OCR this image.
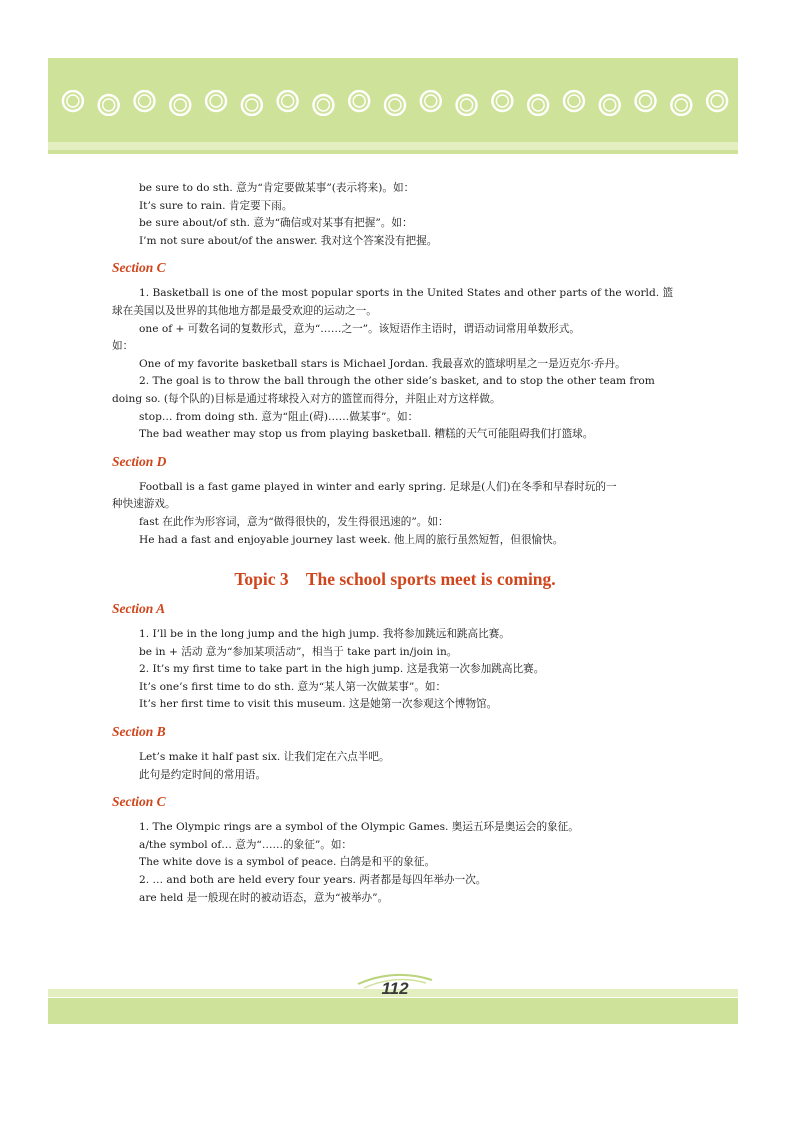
be sure to do sth. 意为“肯定要做某事”(表示将来)。如：
It’s sure to rain. 肯定要下雨。
be sure about/of sth. 意为“确信或对某事有把握”。如：
I’m not sure about/of the answer. 我对这个答案没有把握。
Section C
1. Basketball is one of the most popular sports in the United States and other parts of the world. 篮
球在美国以及世界的其他地方都是最受欢迎的运动之一。
one of + 可数名词的复数形式，意为“……之一”。该短语作主语时，谓语动词常用单数形式。
如：
One of my favorite basketball stars is Michael Jordan. 我最喜欢的篮球明星之一是迈克尔·乔丹。
2. The goal is to throw the ball through the other side’s basket, and to stop the other team from
doing so. (每个队的)目标是通过将球投入对方的篮筐而得分，并阻止对方这样做。
stop… from doing sth. 意为“阻止(碍)……做某事”。如：
The bad weather may stop us from playing basketball. 糟糕的天气可能阻碍我们打篮球。
Section D
Football is a fast game played in winter and early spring. 足球是(人们)在冬季和早春时玩的一
种快速游戏。
fast 在此作为形容词，意为“做得很快的，发生得很迅速的”。如：
He had a fast and enjoyable journey last week. 他上周的旅行虽然短暂，但很愉快。
Topic 3    The school sports meet is coming.
Section A
1. I’ll be in the long jump and the high jump. 我将参加跳远和跳高比赛。
be in + 活动 意为“参加某项活动”，相当于 take part in/join in。
2. It’s my first time to take part in the high jump. 这是我第一次参加跳高比赛。
It’s one’s first time to do sth. 意为“某人第一次做某事”。如：
It’s her first time to visit this museum. 这是她第一次参观这个博物馆。
Section B
Let’s make it half past six. 让我们定在六点半吧。
此句是约定时间的常用语。
Section C
1. The Olympic rings are a symbol of the Olympic Games. 奥运五环是奥运会的象征。
a/the symbol of… 意为“……的象征”。如：
The white dove is a symbol of peace. 白鸽是和平的象征。
2. … and both are held every four years. 两者都是每四年举办一次。
are held 是一般现在时的被动语态，意为“被举办”。
112
